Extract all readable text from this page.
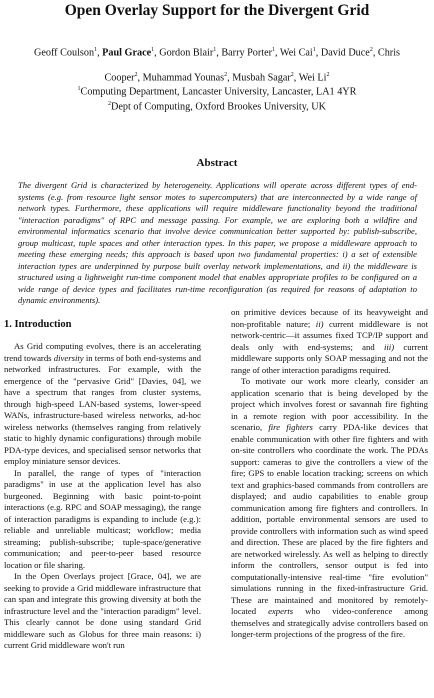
Open Overlay Support for the Divergent Grid
Geoff Coulson$^1$, Paul Grace$^1$, Gordon Blair$^1$, Barry Porter$^1$, Wei Cai$^1$, David Duce$^2$, Chris
Cooper$^2$, Muhammad Younas$^2$, Musbah Sagar$^2$, Wei Li$^2$
$^1$Computing Department, Lancaster University, Lancaster, LA1 4YR
$^2$Dept of Computing, Oxford Brookes University, UK
Abstract
The divergent Grid is characterized by heterogeneity. Applications will operate across different types of end-systems (e.g. from resource light sensor motes to supercomputers) that are interconnected by a wide range of network types. Furthermore, these applications will require middleware functionality beyond the traditional "interaction paradigms" of RPC and message passing. For example, we are exploring both a wildfire and environmental informatics scenario that involve device communication better supported by: publish-subscribe, group multicast, tuple spaces and other interaction types. In this paper, we propose a middleware approach to meeting these emerging needs; this approach is based upon two fundamental properties: i) a set of extensible interaction types are underpinned by purpose built overlay network implementations, and ii) the middleware is structured using a lightweight run-time component model that enables appropriate profiles to be configured on a wide range of device types and facilitates run-time reconfiguration (as required for reasons of adaptation to dynamic environments).
1. Introduction

As Grid computing evolves, there is an accelerating trend towards diversity in terms of both end-systems and networked infrastructures. For example, with the emergence of the "pervasive Grid" [Davies, 04], we have a spectrum that ranges from cluster systems, through high-speed LAN-based systems, lower-speed WANs, infrastructure-based wireless networks, ad-hoc wireless networks (themselves ranging from relatively static to highly dynamic configurations) through mobile PDA-type devices, and specialised sensor networks that employ miniature sensor devices.

In parallel, the range of types of "interaction paradigms" in use at the application level has also burgeoned. Beginning with basic point-to-point interactions (e.g. RPC and SOAP messaging), the range of interaction paradigms is expanding to include (e.g.): reliable and unreliable multicast; workflow; media streaming; publish-subscribe; tuple-space/generative communication; and peer-to-peer based resource location or file sharing.

In the Open Overlays project [Grace, 04], we are seeking to provide a Grid middleware infrastructure that can span and integrate this growing diversity at both the infrastructure level and the "interaction paradigm" level. This clearly cannot be done using standard Grid middleware such as Globus for three main reasons: i) current Grid middleware won't run

on primitive devices because of its heavyweight and non-profitable nature; ii) current middleware is not network-centric—it assumes fixed TCP/IP support and deals only with end-systems; and iii) current middleware supports only SOAP messaging and not the range of other interaction paradigms required.

To motivate our work more clearly, consider an application scenario that is being developed by the project which involves forest or savannah fire fighting in a remote region with poor accessibility. In the scenario, fire fighters carry PDA-like devices that enable communication with other fire fighters and with on-site controllers who coordinate the work. The PDAs support: cameras to give the controllers a view of the fire; GPS to enable location tracking; screens on which text and graphics-based commands from controllers are displayed; and audio capabilities to enable group communication among fire fighters and controllers. In addition, portable environmental sensors are used to provide controllers with information such as wind speed and direction. These are placed by the fire fighters and are networked wirelessly. As well as helping to directly inform the controllers, sensor output is fed into computationally-intensive real-time "fire evolution" simulations running in the fixed-infrastructure Grid. These are maintained and monitored by remotely-located experts who video-conference among themselves and strategically advise controllers based on longer-term projections of the progress of the fire.
